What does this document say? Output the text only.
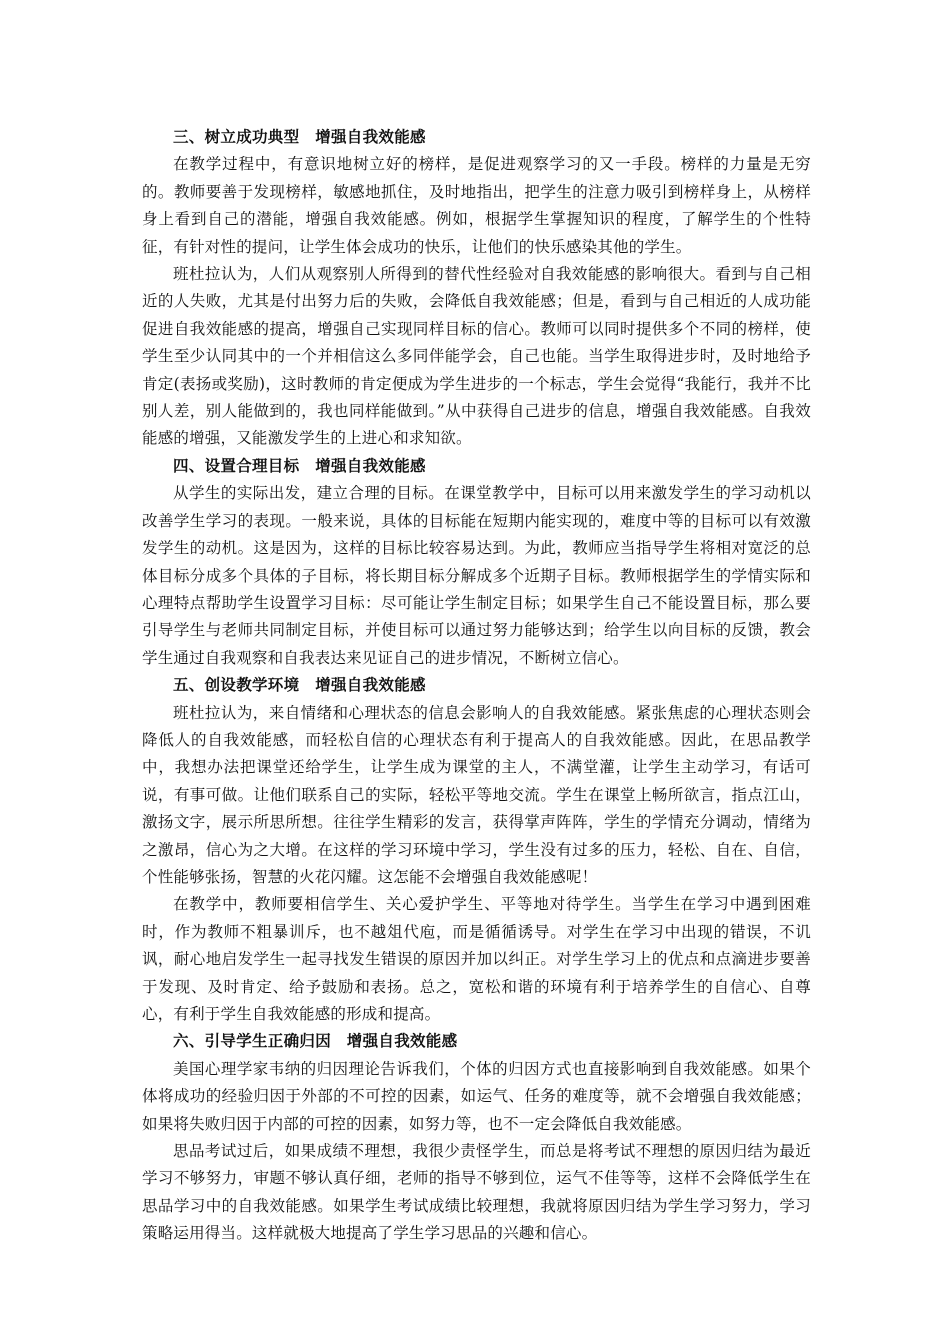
三、树立成功典型　增强自我效能感

在教学过程中，有意识地树立好的榜样，是促进观察学习的又一手段。榜样的力量是无穷的。教师要善于发现榜样，敏感地抓住，及时地指出，把学生的注意力吸引到榜样身上，从榜样身上看到自己的潜能，增强自我效能感。例如，根据学生掌握知识的程度，了解学生的个性特征，有针对性的提问，让学生体会成功的快乐，让他们的快乐感染其他的学生。

班杜拉认为，人们从观察别人所得到的替代性经验对自我效能感的影响很大。看到与自己相近的人失败，尤其是付出努力后的失败，会降低自我效能感；但是，看到与自己相近的人成功能促进自我效能感的提高，增强自己实现同样目标的信心。教师可以同时提供多个不同的榜样，使学生至少认同其中的一个并相信这么多同伴能学会，自己也能。当学生取得进步时，及时地给予肯定(表扬或奖励)，这时教师的肯定便成为学生进步的一个标志，学生会觉得“我能行，我并不比别人差，别人能做到的，我也同样能做到。”从中获得自己进步的信息，增强自我效能感。自我效能感的增强，又能激发学生的上进心和求知欲。

四、设置合理目标　增强自我效能感

从学生的实际出发，建立合理的目标。在课堂教学中，目标可以用来激发学生的学习动机以改善学生学习的表现。一般来说，具体的目标能在短期内能实现的，难度中等的目标可以有效激发学生的动机。这是因为，这样的目标比较容易达到。为此，教师应当指导学生将相对宽泛的总体目标分成多个具体的子目标，将长期目标分解成多个近期子目标。教师根据学生的学情实际和心理特点帮助学生设置学习目标：尽可能让学生制定目标；如果学生自己不能设置目标，那么要引导学生与老师共同制定目标，并使目标可以通过努力能够达到；给学生以向目标的反馈，教会学生通过自我观察和自我表达来见证自己的进步情况，不断树立信心。

五、创设教学环境　增强自我效能感

班杜拉认为，来自情绪和心理状态的信息会影响人的自我效能感。紧张焦虑的心理状态则会降低人的自我效能感，而轻松自信的心理状态有利于提高人的自我效能感。因此，在思品教学中，我想办法把课堂还给学生，让学生成为课堂的主人，不满堂灌，让学生主动学习，有话可说，有事可做。让他们联系自己的实际，轻松平等地交流。学生在课堂上畅所欲言，指点江山，激扬文字，展示所思所想。往往学生精彩的发言，获得掌声阵阵，学生的学情充分调动，情绪为之激昂，信心为之大增。在这样的学习环境中学习，学生没有过多的压力，轻松、自在、自信，个性能够张扬，智慧的火花闪耀。这怎能不会增强自我效能感呢！

在教学中，教师要相信学生、关心爱护学生、平等地对待学生。当学生在学习中遇到困难时，作为教师不粗暴训斥，也不越俎代庖，而是循循诱导。对学生在学习中出现的错误，不讥讽，耐心地启发学生一起寻找发生错误的原因并加以纠正。对学生学习上的优点和点滴进步要善于发现、及时肯定、给予鼓励和表扬。总之，宽松和谐的环境有利于培养学生的自信心、自尊心，有利于学生自我效能感的形成和提高。

六、引导学生正确归因　增强自我效能感

美国心理学家韦纳的归因理论告诉我们，个体的归因方式也直接影响到自我效能感。如果个体将成功的经验归因于外部的不可控的因素，如运气、任务的难度等，就不会增强自我效能感；如果将失败归因于内部的可控的因素，如努力等，也不一定会降低自我效能感。

思品考试过后，如果成绩不理想，我很少责怪学生，而总是将考试不理想的原因归结为最近学习不够努力，审题不够认真仔细，老师的指导不够到位，运气不佳等等，这样不会降低学生在思品学习中的自我效能感。如果学生考试成绩比较理想，我就将原因归结为学生学习努力，学习策略运用得当。这样就极大地提高了学生学习思品的兴趣和信心。
